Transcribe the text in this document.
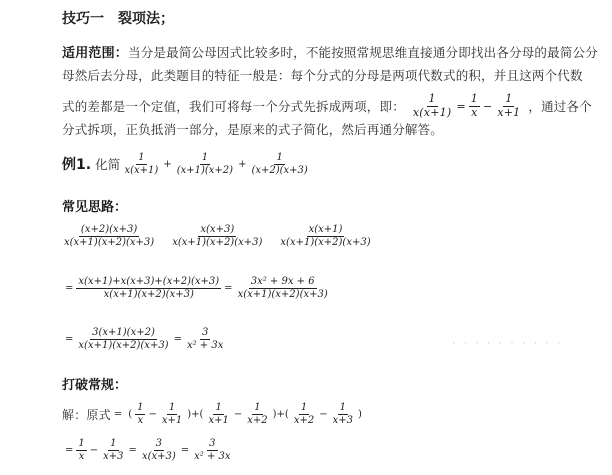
技巧一　裂项法；
适用范围：当分是最简公母因式比较多时，不能按照常规思维直接通分即找出各分母的最简公分
母然后去分母，此类题目的特征一般是：每个分式的分母是两项代数式的积，并且这两个代数
式的差都是一个定值，我们可将每一个分式先拆成两项，即： $\frac{1}{x(x+1)} = \frac{1}{x} - \frac{1}{x+1}$ ，通过各个
分式拆项，正负抵消一部分，是原来的式子简化，然后再通分解答。
例1. 化简 $\frac{1}{x(x+1)} + \frac{1}{(x+1)(x+2)} + \frac{1}{(x+2)(x+3)}$
常见思路：
$\frac{(x+2)(x+3)}{x(x+1)(x+2)(x+3)} \frac{x(x+3)}{x(x+1)(x+2)(x+3)} \frac{x(x+1)}{x(x+1)(x+2)(x+3)}$
= $\frac{x(x+1)+x(x+3)+(x+2)(x+3)}{x(x+1)(x+2)(x+3)} = \frac{\text{3x² + 9x + 6}}{x(x+1)(x+2)(x+3)}$
= $\frac{3(x+1)(x+2)}{x(x+1)(x+2)(x+3)} = \frac{3}{\text{x² + 3x}}$	· · · · · · · · · ·
打破常规：
解：原式 = ( $\frac{1}{x} - \frac{1}{x+1}$ )+( $\frac{1}{x+1} - \frac{1}{x+2}$ )+( $\frac{1}{x+2} - \frac{1}{x+3}$ )
= $\frac{1}{x} - \frac{1}{x+3} = \frac{3}{x(x+3)} = \frac{3}{\text{x² + 3x}}$
